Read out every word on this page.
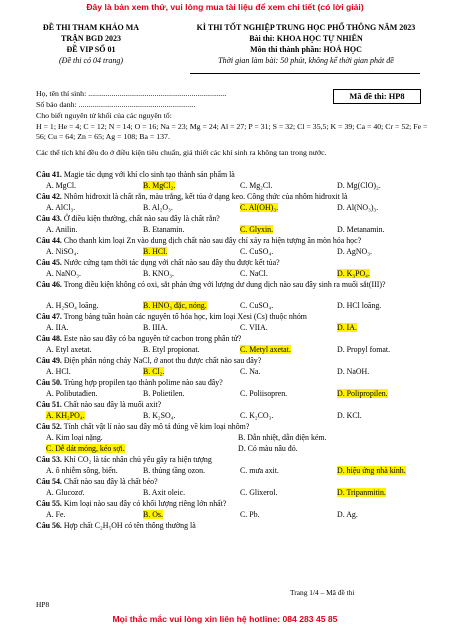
Đây là bản xem thử, vui lòng mua tài liệu để xem chi tiết (có lời giải)
ĐỀ THI THAM KHẢO MA
TRẬN BGD 2023
ĐỀ VIP SỐ 01
(Đề thi có 04 trang)
KÌ THI TỐT NGHIỆP TRUNG HỌC PHỔ THÔNG NĂM 2023
Bài thi: KHOA HỌC TỰ NHIÊN
Môn thi thành phần: HOÁ HỌC
Thời gian làm bài: 50 phút, không kể thời gian phát đề
Họ, tên thí sinh: .......................................................................
Số báo danh: ............................................................
Mã đề thi: HP8
Cho biết nguyên tử khối của các nguyên tố:
H = 1; He = 4; C = 12; N = 14; O = 16; Na = 23; Mg = 24; Al = 27; P = 31; S = 32; Cl = 35,5; K = 39; Ca = 40; Cr = 52; Fe = 56; Cu = 64; Zn = 65; Ag = 108; Ba = 137.
Các thể tích khí đều đo ở điều kiện tiêu chuẩn, giả thiết các khí sinh ra không tan trong nước.
Câu 41. Magie tác dụng với khí clo sinh tạo thành sản phẩm là
A. MgCl.	B. MgCl₂.	C. Mg₂Cl.	D. Mg(ClO)₂.
Câu 42. Nhôm hiđroxit là chất rắn, màu trắng, kết tủa ở dạng keo. Công thức của nhôm hiđroxit là
A. AlCl₃.	B. Al₂O₃.	C. Al(OH)₃.	D. Al(NO₃)₃.
Câu 43. Ở điều kiện thường, chất nào sau đây là chất rắn?
A. Anilin.	B. Etanamin.	C. Glyxin.	D. Metanamin.
Câu 44. Cho thanh kim loại Zn vào dung dịch chất nào sau đây chỉ xảy ra hiện tượng ăn mòn hóa học?
A. NiSO₄.	B. HCl.	C. CuSO₄.	D. AgNO₃.
Câu 45. Nước cứng tạm thời tác dụng với chất nào sau đây thu được kết tủa?
A. NaNO₃.	B. KNO₃.	C. NaCl.	D. K₃PO₄.
Câu 46. Trong điều kiện không có oxi, sắt phản ứng với lượng dư dung dịch nào sau đây sinh ra muối sắt(III)?
A. H₂SO₄ loãng.	B. HNO₃ đặc, nóng.	C. CuSO₄.	D. HCl loãng.
Câu 47. Trong bảng tuần hoàn các nguyên tố hóa học, kim loại Xesi (Cs) thuộc nhóm
A. IIA.	B. IIIA.	C. VIIA.	D. IA.
Câu 48. Este nào sau đây có ba nguyên tử cacbon trong phân tử?
A. Etyl axetat.	B. Etyl propionat.	C. Metyl axetat.	D. Propyl fomat.
Câu 49. Điện phân nóng chảy NaCl, ở anot thu được chất nào sau đây?
A. HCl.	B. Cl₂.	C. Na.	D. NaOH.
Câu 50. Trùng hợp propilen tạo thành polime nào sau đây?
A. Polibutađien.	B. Polietilen.	C. Poliisopren.	D. Polipropilen.
Câu 51. Chất nào sau đây là muối axit?
A. KH₂PO₄.	B. K₂SO₄.	C. K₂CO₃.	D. KCl.
Câu 52. Tính chất vật lí nào sau đây mô tả đúng về kim loại nhôm?
A. Kim loại nặng.	B. Dẫn nhiệt, dẫn điện kém.
C. Dễ dát mỏng, kéo sợi.	D. Có màu nâu đỏ.
Câu 53. Khí CO₂ là tác nhân chủ yếu gây ra hiện tượng
A. ô nhiễm sông, biển.	B. thủng tầng ozon.	C. mưa axit.	D. hiệu ứng nhà kính.
Câu 54. Chất nào sau đây là chất béo?
A. Glucozơ.	B. Axit oleic.	C. Glixerol.	D. Tripanmitin.
Câu 55. Kim loại nào sau đây có khối lượng riêng lớn nhất?
A. Fe.	B. Os.	C. Pb.	D. Ag.
Câu 56. Hợp chất C₂H₅OH có tên thông thường là
Trang 1/4 – Mã đề thi
HP8
Mọi thắc mắc vui lòng xin liên hệ hotline: 084 283 45 85
